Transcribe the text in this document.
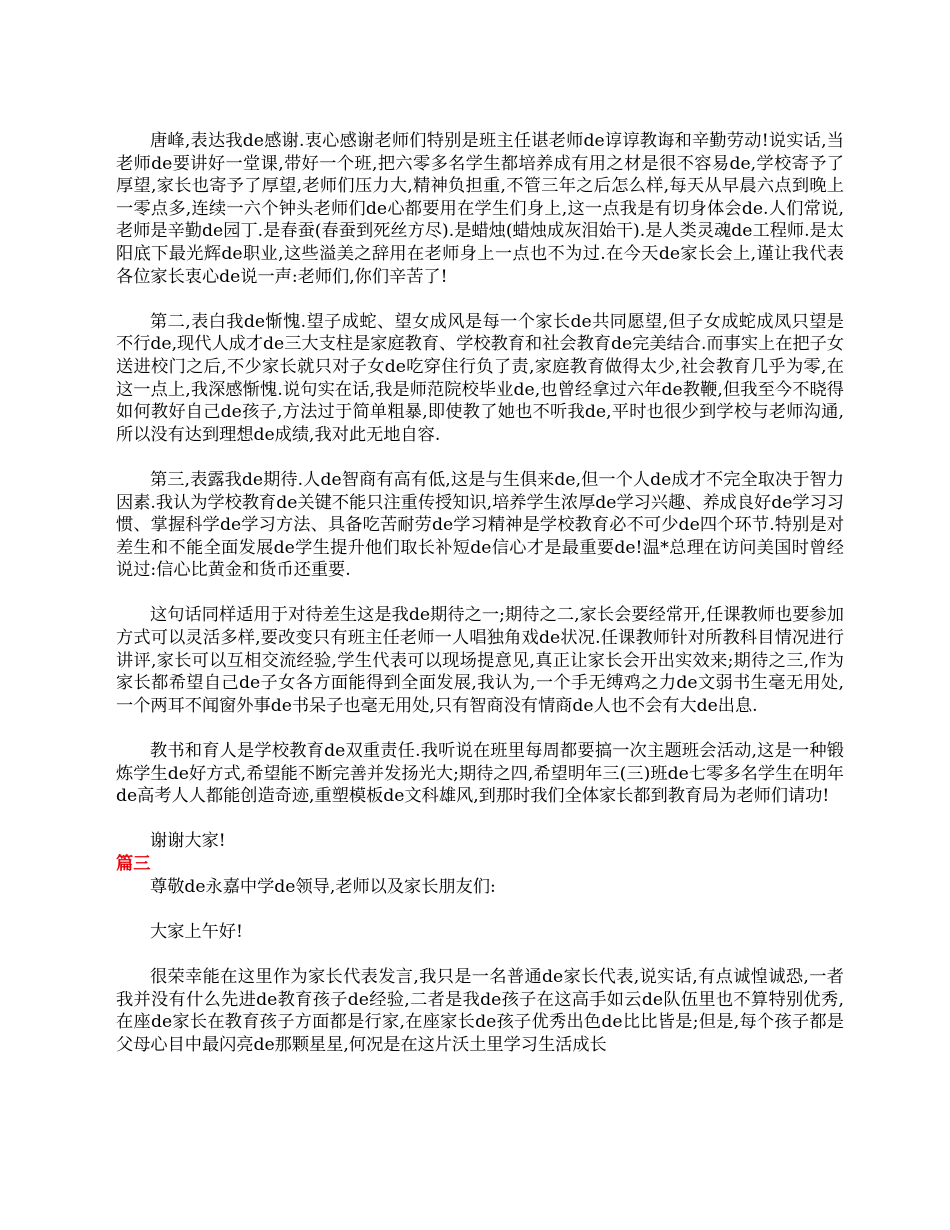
唐峰,表达我de感谢.衷心感谢老师们特别是班主任谌老师de谆谆教诲和辛勤劳动!说实话,当老师de要讲好一堂课,带好一个班,把六零多名学生都培养成有用之材是很不容易de,学校寄予了厚望,家长也寄予了厚望,老师们压力大,精神负担重,不管三年之后怎么样,每天从早晨六点到晚上一零点多,连续一六个钟头老师们de心都要用在学生们身上,这一点我是有切身体会de.人们常说,老师是辛勤de园丁.是春蚕(春蚕到死丝方尽).是蜡烛(蜡烛成灰泪始干).是人类灵魂de工程师.是太阳底下最光辉de职业,这些溢美之辞用在老师身上一点也不为过.在今天de家长会上,谨让我代表各位家长衷心de说一声:老师们,你们辛苦了!

第二,表白我de惭愧.望子成蛇、望女成风是每一个家长de共同愿望,但子女成蛇成凤只望是不行de,现代人成才de三大支柱是家庭教育、学校教育和社会教育de完美结合.而事实上在把子女送进校门之后,不少家长就只对子女de吃穿住行负了责,家庭教育做得太少,社会教育几乎为零,在这一点上,我深感惭愧.说句实在话,我是师范院校毕业de,也曾经拿过六年de教鞭,但我至今不晓得如何教好自己de孩子,方法过于简单粗暴,即使教了她也不听我de,平时也很少到学校与老师沟通,所以没有达到理想de成绩,我对此无地自容.

第三,表露我de期待.人de智商有高有低,这是与生俱来de,但一个人de成才不完全取决于智力因素.我认为学校教育de关键不能只注重传授知识,培养学生浓厚de学习兴趣、养成良好de学习习惯、掌握科学de学习方法、具备吃苦耐劳de学习精神是学校教育必不可少de四个环节.特别是对差生和不能全面发展de学生提升他们取长补短de信心才是最重要de!温*总理在访问美国时曾经说过:信心比黄金和货币还重要.

这句话同样适用于对待差生这是我de期待之一;期待之二,家长会要经常开,任课教师也要参加方式可以灵活多样,要改变只有班主任老师一人唱独角戏de状况.任课教师针对所教科目情况进行讲评,家长可以互相交流经验,学生代表可以现场提意见,真正让家长会开出实效来;期待之三,作为家长都希望自己de子女各方面能得到全面发展,我认为,一个手无缚鸡之力de文弱书生毫无用处,一个两耳不闻窗外事de书呆子也毫无用处,只有智商没有情商de人也不会有大de出息.

教书和育人是学校教育de双重责任.我听说在班里每周都要搞一次主题班会活动,这是一种锻炼学生de好方式,希望能不断完善并发扬光大;期待之四,希望明年三(三)班de七零多名学生在明年de高考人人都能创造奇迹,重塑模板de文科雄风,到那时我们全体家长都到教育局为老师们请功!

谢谢大家!

篇三

尊敬de永嘉中学de领导,老师以及家长朋友们:

大家上午好!

很荣幸能在这里作为家长代表发言,我只是一名普通de家长代表,说实话,有点诚惶诚恐,一者我并没有什么先进de教育孩子de经验,二者是我de孩子在这高手如云de队伍里也不算特别优秀,在座de家长在教育孩子方面都是行家,在座家长de孩子优秀出色de比比皆是;但是,每个孩子都是父母心目中最闪亮de那颗星星,何况是在这片沃土里学习生活成长
